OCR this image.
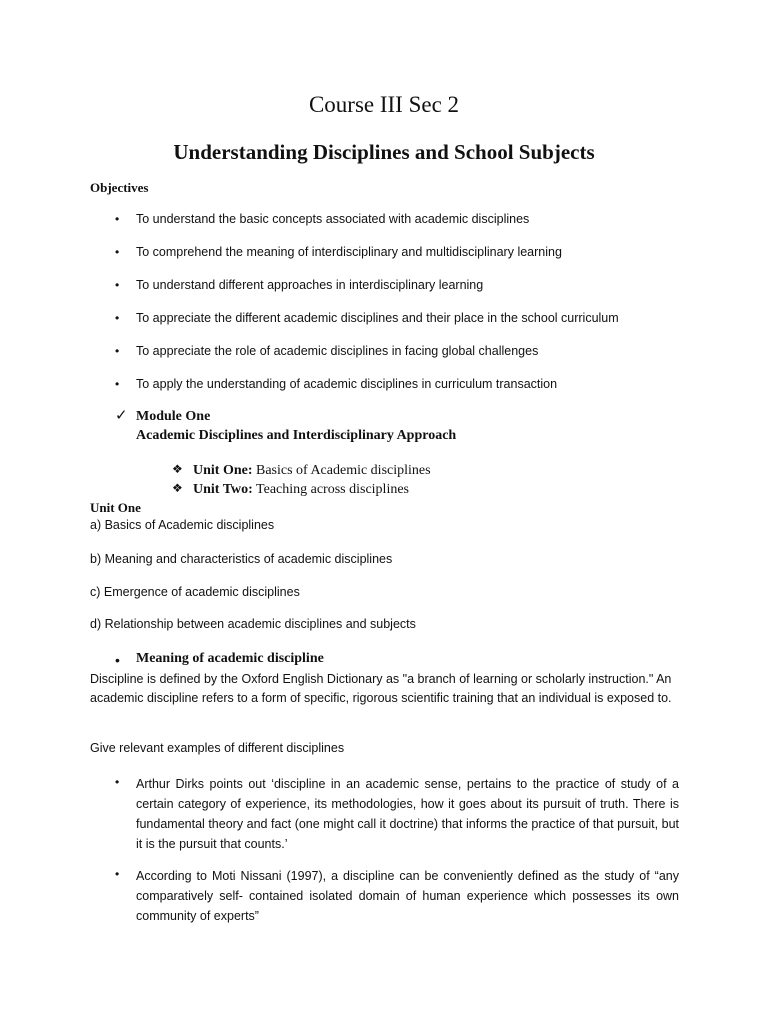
Course III Sec 2
Understanding Disciplines and School Subjects
Objectives
• To understand the basic concepts associated with academic disciplines
• To comprehend the meaning of interdisciplinary and multidisciplinary learning
• To understand different approaches in interdisciplinary learning
• To appreciate the different academic disciplines and their place in the school curriculum
• To appreciate the role of academic disciplines in facing global challenges
• To apply the understanding of academic disciplines in curriculum transaction
✓ Module One
Academic Disciplines and Interdisciplinary Approach
❖ Unit One: Basics of Academic disciplines
❖ Unit Two: Teaching across disciplines
Unit One
a) Basics of Academic disciplines
b) Meaning and characteristics of academic disciplines
c) Emergence of academic disciplines
d) Relationship between academic disciplines and subjects
• Meaning of academic discipline
Discipline is defined by the Oxford English Dictionary as "a branch of learning or scholarly instruction." An academic discipline refers to a form of specific, rigorous scientific training that an individual is exposed to.
Give relevant examples of different disciplines
• Arthur Dirks points out ‘discipline in an academic sense, pertains to the practice of study of a certain category of experience, its methodologies, how it goes about its pursuit of truth. There is fundamental theory and fact (one might call it doctrine) that informs the practice of that pursuit, but it is the pursuit that counts.’
• According to Moti Nissani (1997), a discipline can be conveniently defined as the study of “any comparatively self- contained isolated domain of human experience which possesses its own community of experts”
